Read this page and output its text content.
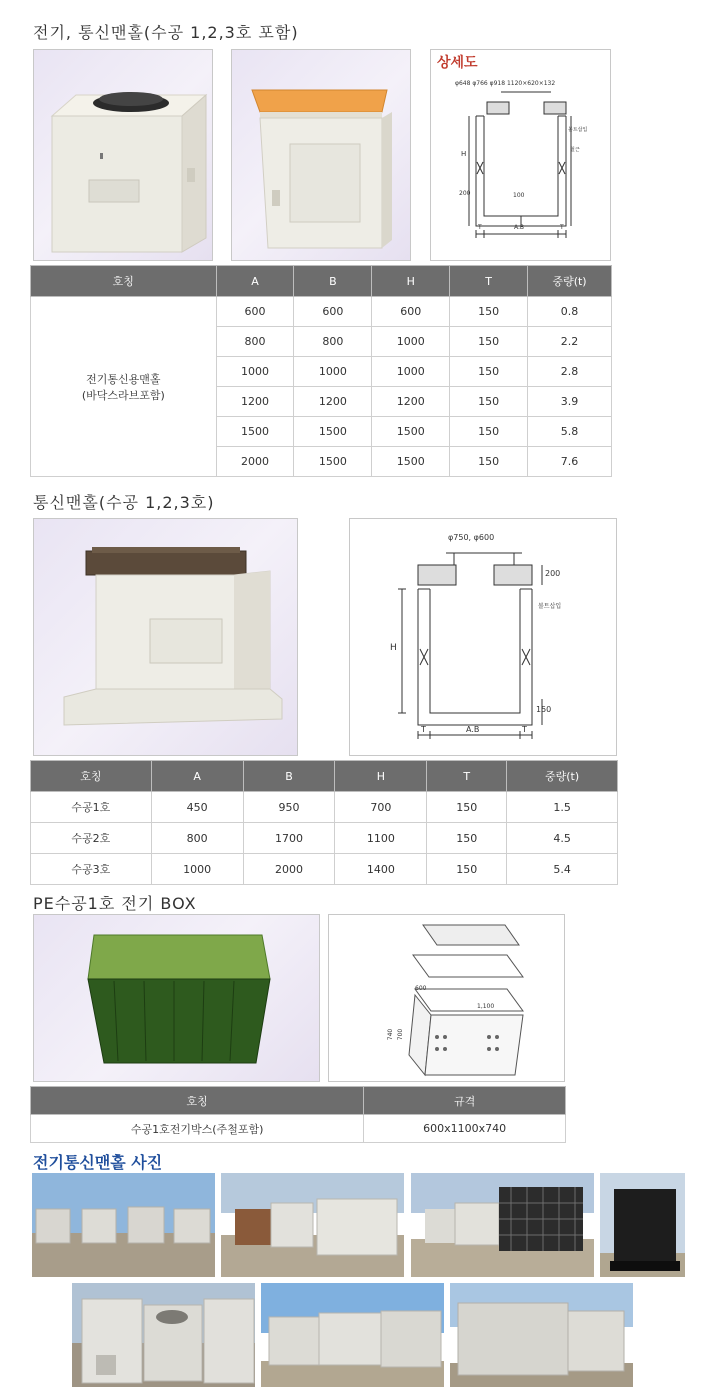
전기, 통신맨홀(수공 1,2,3호 포함)
상세도
φ648 φ766 φ918 1120×620×132
H
200	100
T	A.B	T
볼트삽입
철근
호칭	A	B	H	T	중량(t)

전기통신용맨홀
(바닥스라브포함)	600	600	600	150	0.8
	800	800	1000	150	2.2
	1000	1000	1000	150	2.8
	1200	1200	1200	150	3.9
	1500	1500	1500	150	5.8
	2000	1500	1500	150	7.6
통신맨홀(수공 1,2,3호)
φ750, φ600
200
볼트삽입
H
150
T	A.B	T
호칭	A	B	H	T	중량(t)
수공1호	450	950	700	150	1.5
수공2호	800	1700	1100	150	4.5
수공3호	1000	2000	1400	150	5.4
PE수공1호 전기 BOX
600
1,100
740 700
호칭	규격
수공1호전기박스(주철포함)	600x1100x740
전기통신맨홀 사진
